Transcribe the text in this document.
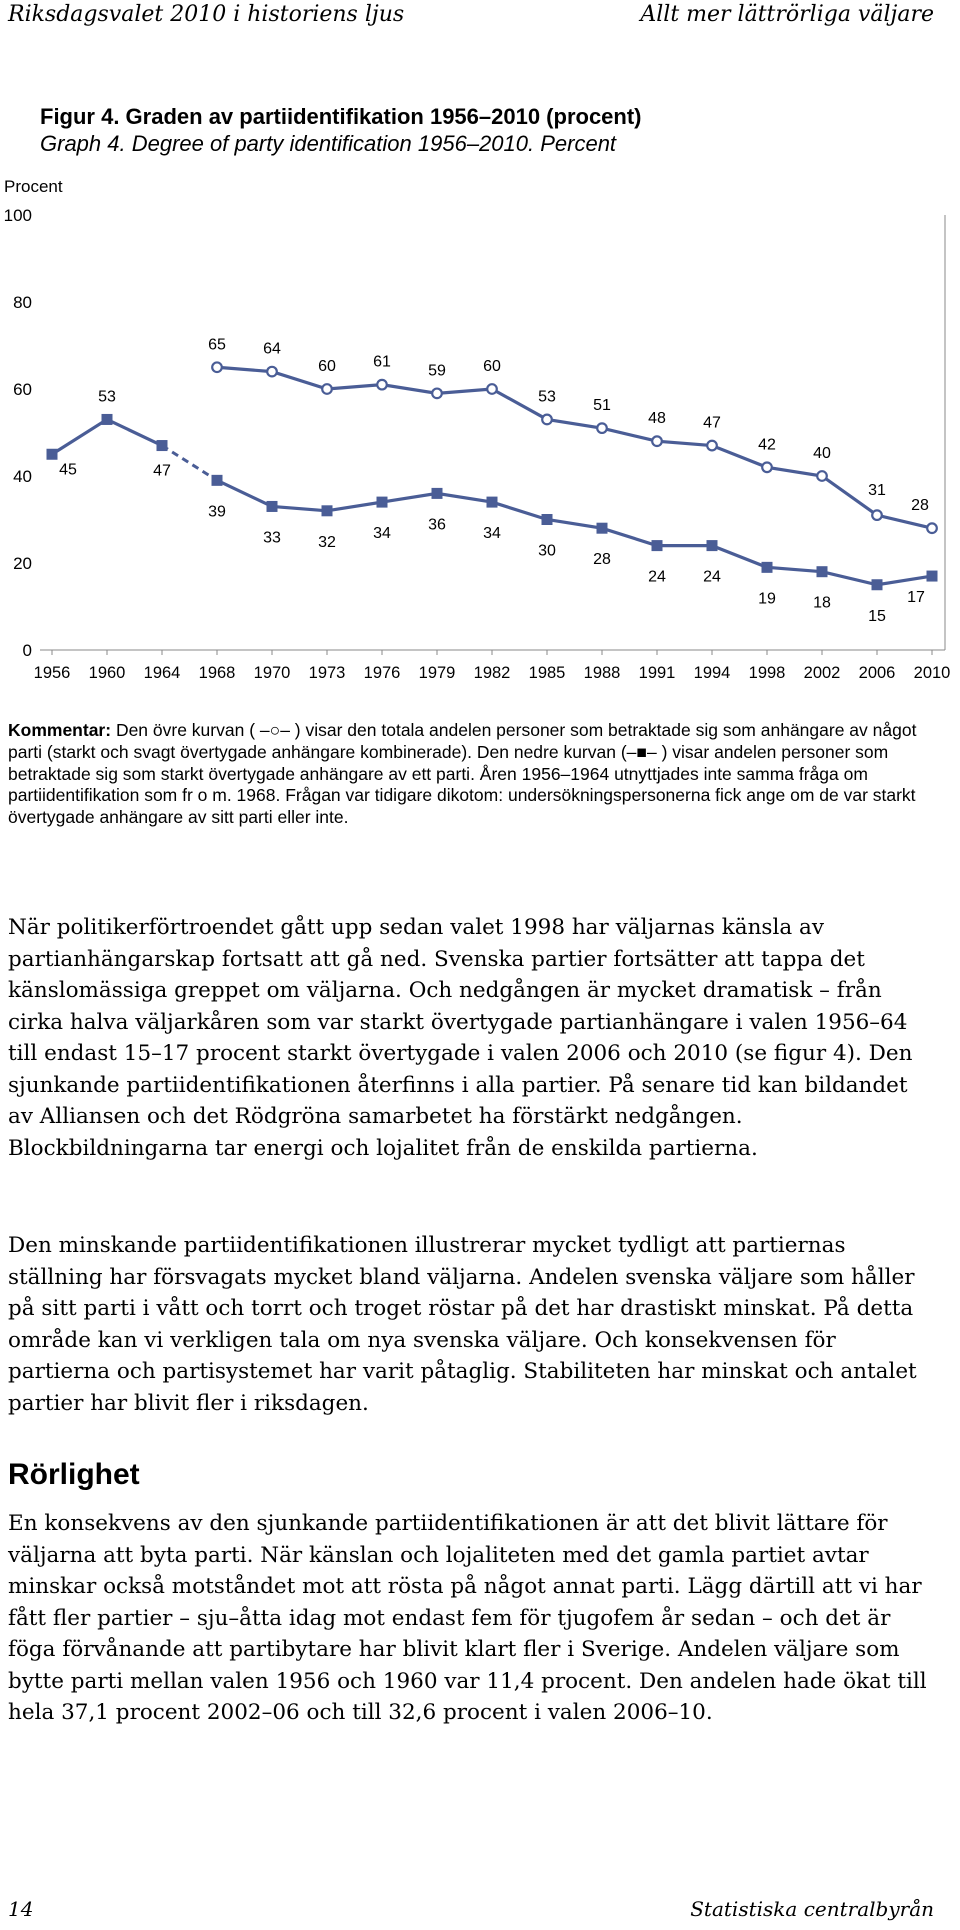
Riksdagsvalet 2010 i historiens ljus	Allt mer lättrörliga väljare
Figur 4. Graden av partiidentifikation 1956–2010 (procent)
Graph 4. Degree of party identification 1956–2010. Percent
Procent
0
20
40
60
80
100
1956 1960 1964 1968 1970 1973 1976 1979 1982 1985 1988 1991 1994 1998 2002 2006 2010
45
53
47
65 64
60 61
59 60
53
51
48 47
42
40
31
28
39
33 32
34
36
34
30
28
24 24
19 18
15
17
Kommentar: Den övre kurvan ( –○– ) visar den totala andelen personer som betraktade sig som anhängare av något parti (starkt och svagt övertygade anhängare kombinerade). Den nedre kurvan (–■– ) visar andelen personer som betraktade sig som starkt övertygade anhängare av ett parti. Åren 1956–1964 utnyttjades inte samma fråga om partiidentifikation som fr o m. 1968. Frågan var tidigare dikotom: undersökningspersonerna fick ange om de var starkt övertygade anhängare av sitt parti eller inte.

När politikerförtroendet gått upp sedan valet 1998 har väljarnas känsla av partianhängarskap fortsatt att gå ned. Svenska partier fortsätter att tappa det känslomässiga greppet om väljarna. Och nedgången är mycket dramatisk – från cirka halva väljarkåren som var starkt övertygade partianhängare i valen 1956–64 till endast 15–17 procent starkt övertygade i valen 2006 och 2010 (se figur 4). Den sjunkande partiidentifikationen återfinns i alla partier. På senare tid kan bildandet av Alliansen och det Rödgröna samarbetet ha förstärkt nedgången. Blockbildningarna tar energi och lojalitet från de enskilda partierna.

Den minskande partiidentifikationen illustrerar mycket tydligt att partiernas ställning har försvagats mycket bland väljarna. Andelen svenska väljare som håller på sitt parti i vått och torrt och troget röstar på det har drastiskt minskat. På detta område kan vi verkligen tala om nya svenska väljare. Och konsekvensen för partierna och partisystemet har varit påtaglig. Stabiliteten har minskat och antalet partier har blivit fler i riksdagen.

Rörlighet

En konsekvens av den sjunkande partiidentifikationen är att det blivit lättare för väljarna att byta parti. När känslan och lojaliteten med det gamla partiet avtar minskar också motståndet mot att rösta på något annat parti. Lägg därtill att vi har fått fler partier – sju–åtta idag mot endast fem för tjugofem år sedan – och det är föga förvånande att partibytare har blivit klart fler i Sverige. Andelen väljare som bytte parti mellan valen 1956 och 1960 var 11,4 procent. Den andelen hade ökat till hela 37,1 procent 2002–06 och till 32,6 procent i valen 2006–10.

14	Statistiska centralbyrån
